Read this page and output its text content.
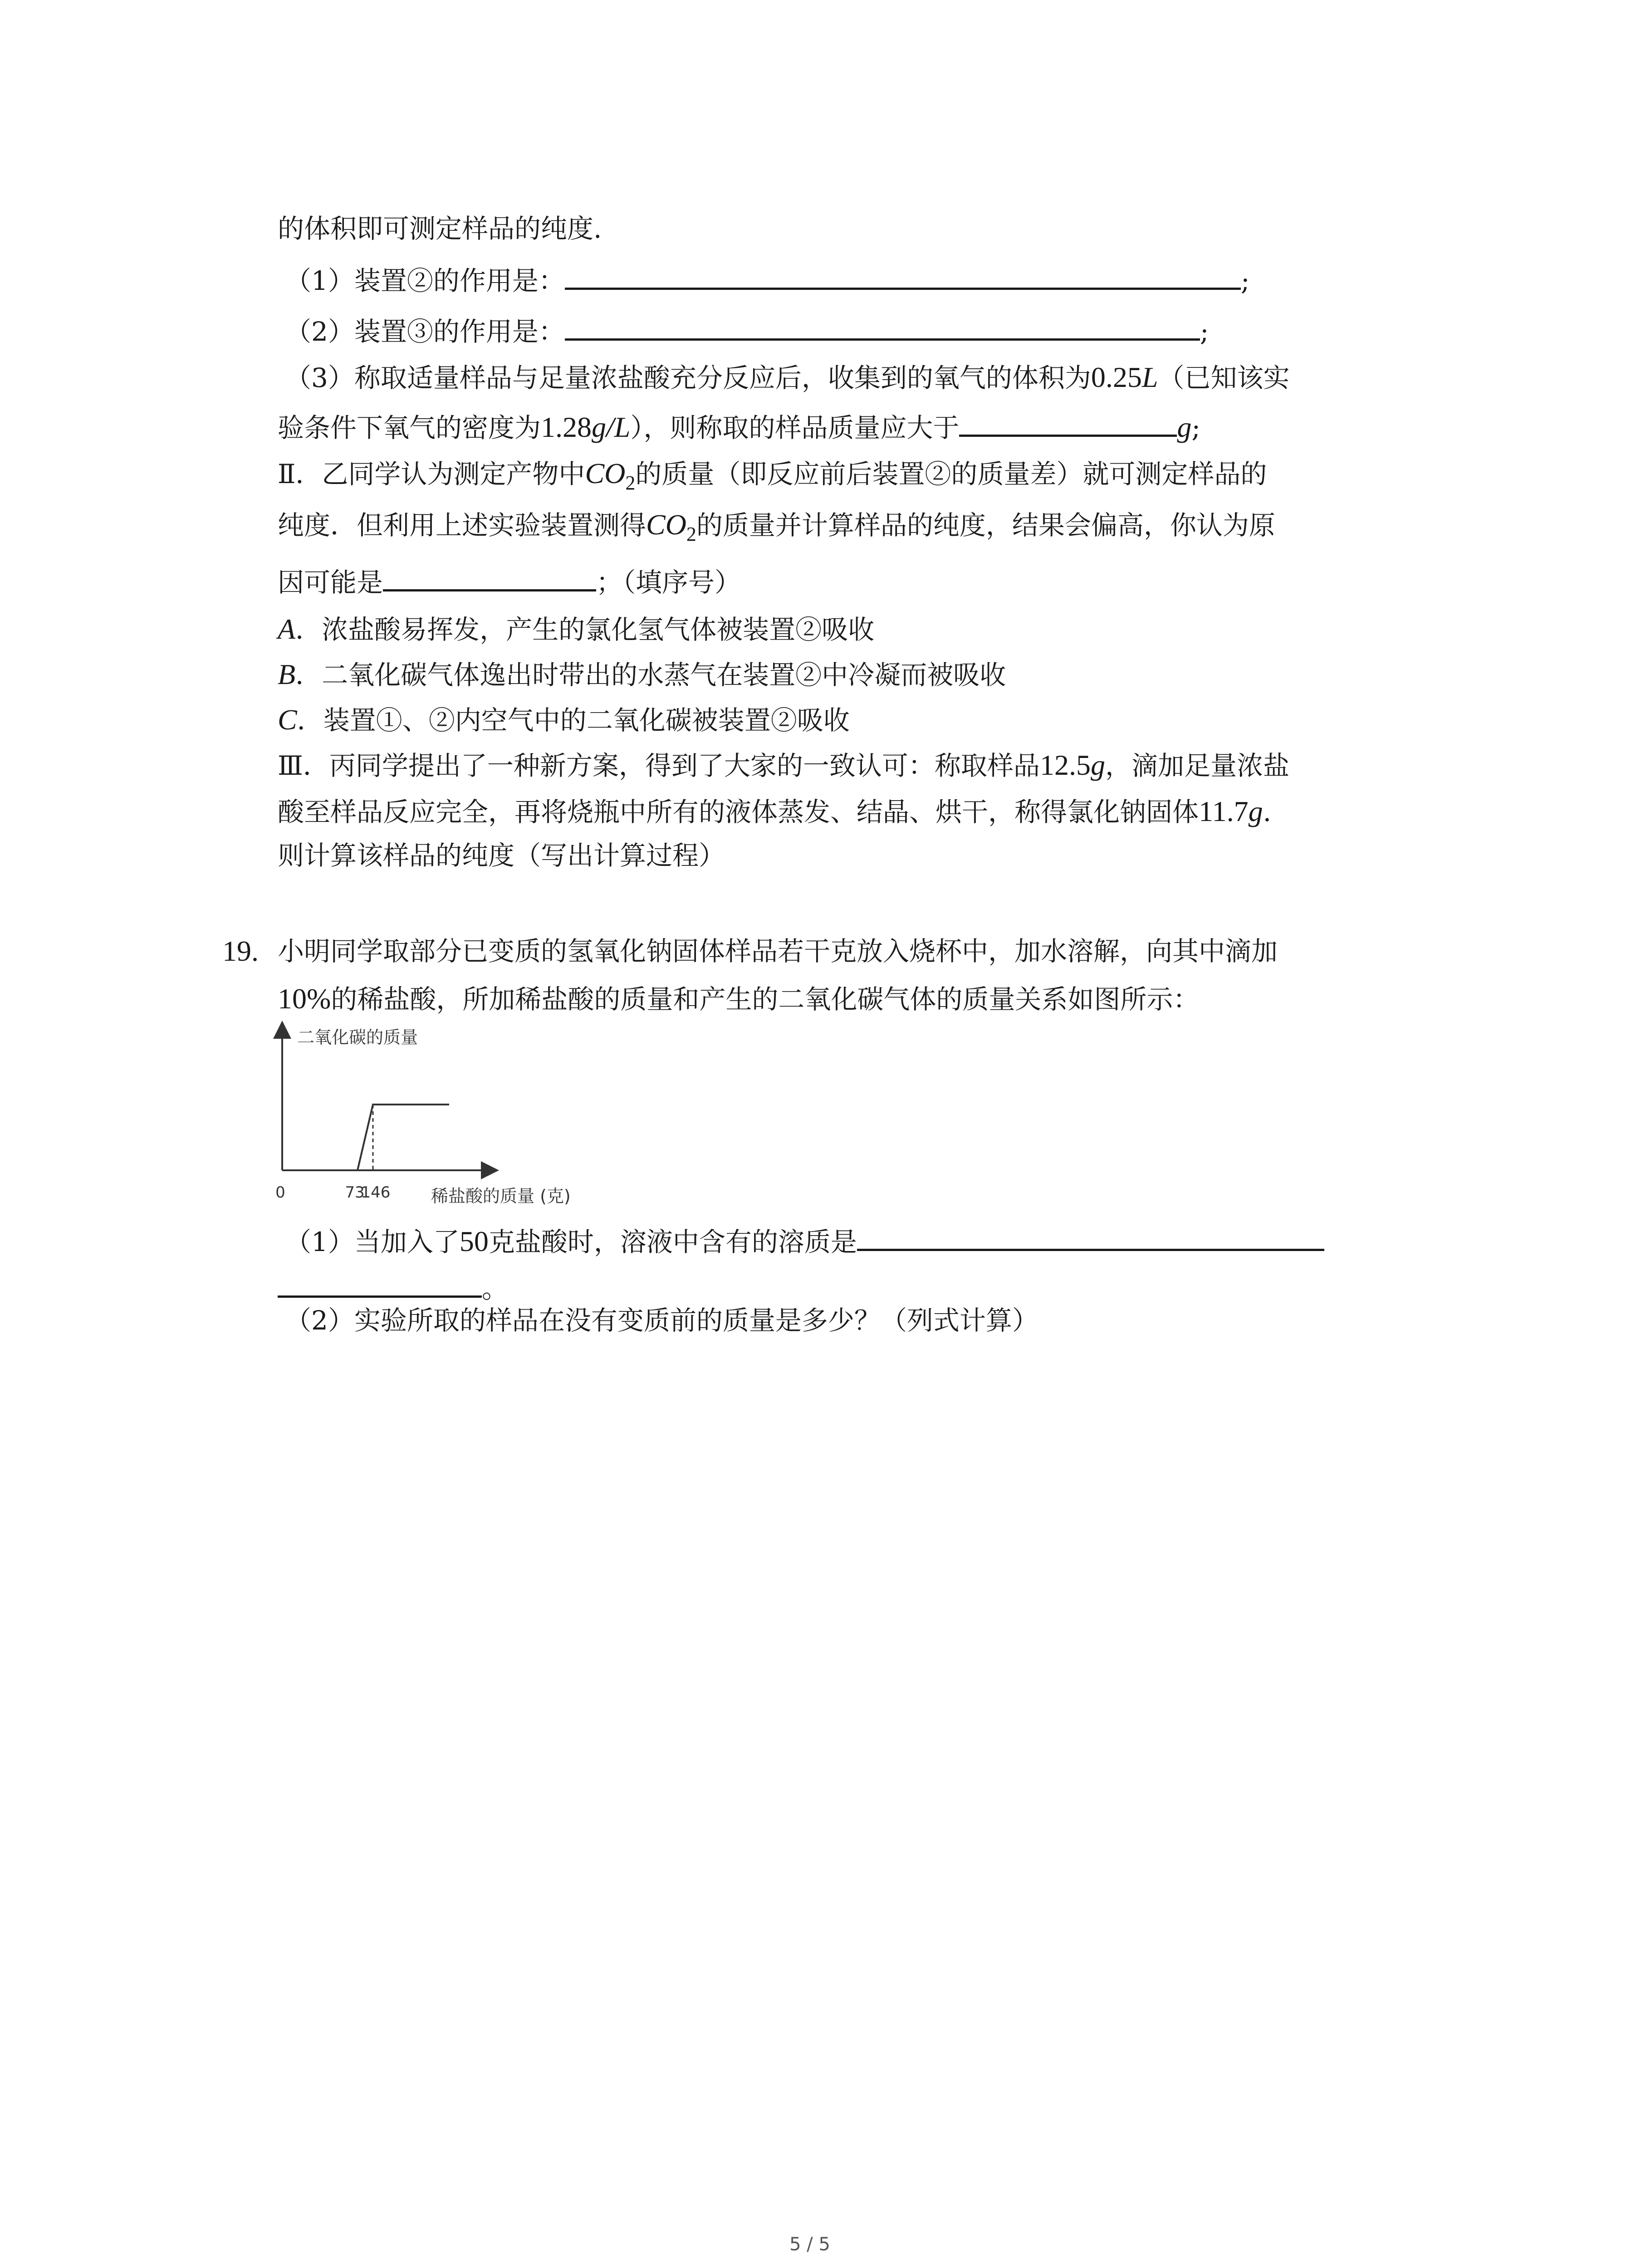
的体积即可测定样品的纯度.
（1）装置②的作用是：	;
（2）装置③的作用是：	;
（3）称取适量样品与足量浓盐酸充分反应后，收集到的氧气的体积为0.25L（已知该实
验条件下氧气的密度为1.28g/L），则称取的样品质量应大于	g;
Ⅱ．乙同学认为测定产物中$CO_2$的质量（即反应前后装置②的质量差）就可测定样品的
纯度．但利用上述实验装置测得$CO_2$的质量并计算样品的纯度，结果会偏高，你认为原
因可能是	；（填序号）
A．浓盐酸易挥发，产生的氯化氢气体被装置②吸收
B．二氧化碳气体逸出时带出的水蒸气在装置②中冷凝而被吸收
C．装置①、②内空气中的二氧化碳被装置②吸收
Ⅲ．丙同学提出了一种新方案，得到了大家的一致认可：称取样品12.5g，滴加足量浓盐
酸至样品反应完全，再将烧瓶中所有的液体蒸发、结晶、烘干，称得氯化钠固体11.7g.
则计算该样品的纯度（写出计算过程）
19. 小明同学取部分已变质的氢氧化钠固体样品若干克放入烧杯中，加水溶解，向其中滴加
10%的稀盐酸，所加稀盐酸的质量和产生的二氧化碳气体的质量关系如图所示：
二氧化碳的质量
0	73
146 稀盐酸的质量 (克)
（1）当加入了50克盐酸时，溶液中含有的溶质是
。
（2）实验所取的样品在没有变质前的质量是多少？（列式计算）
5 / 5
